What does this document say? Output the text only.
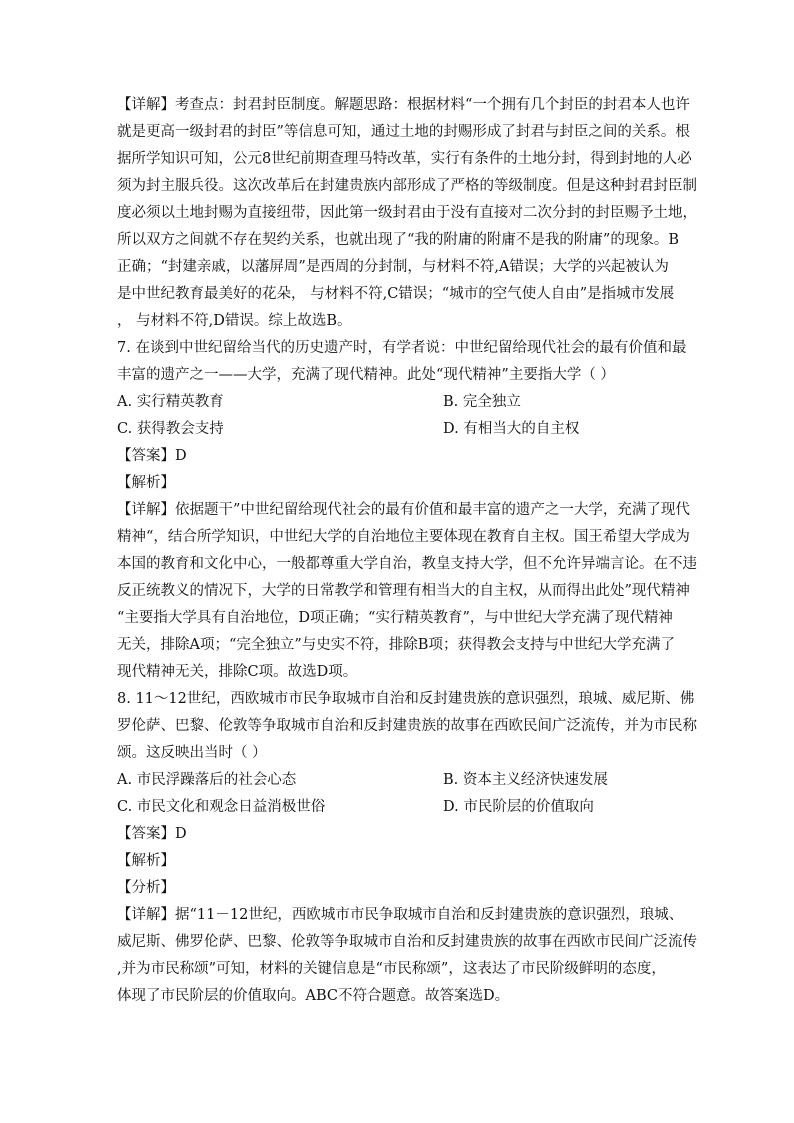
【详解】考查点：封君封臣制度。解题思路：根据材料“一个拥有几个封臣的封君本人也许
就是更高一级封君的封臣”等信息可知，通过土地的封赐形成了封君与封臣之间的关系。根
据所学知识可知，公元8世纪前期查理马特改革，实行有条件的土地分封，得到封地的人必
须为封主服兵役。这次改革后在封建贵族内部形成了严格的等级制度。但是这种封君封臣制
度必须以土地封赐为直接纽带，因此第一级封君由于没有直接对二次分封的封臣赐予土地，
所以双方之间就不存在契约关系，也就出现了“我的附庸的附庸不是我的附庸”的现象。B
正确；“封建亲戚，以藩屏周”是西周的分封制，与材料不符,A错误；大学的兴起被认为
是中世纪教育最美好的花朵， 与材料不符,C错误；“城市的空气使人自由”是指城市发展
， 与材料不符,D错误。综上故选B。
7. 在谈到中世纪留给当代的历史遗产时，有学者说：中世纪留给现代社会的最有价值和最
丰富的遗产之一——大学，充满了现代精神。此处“现代精神”主要指大学（ ）
A. 实行精英教育	B. 完全独立
C. 获得教会支持	D. 有相当大的自主权
【答案】D
【解析】
【详解】依据题干”中世纪留给现代社会的最有价值和最丰富的遗产之一大学，充满了现代
精神“，结合所学知识，中世纪大学的自治地位主要体现在教育自主权。国王希望大学成为
本国的教育和文化中心，一般都尊重大学自治，教皇支持大学，但不允许异端言论。在不违
反正统教义的情况下，大学的日常教学和管理有相当大的自主权，从而得出此处”现代精神
“主要指大学具有自治地位，D项正确；“实行精英教育”，与中世纪大学充满了现代精神
无关，排除A项；“完全独立”与史实不符，排除B项；获得教会支持与中世纪大学充满了
现代精神无关，排除C项。故选D项。
8. 11～12世纪，西欧城市市民争取城市自治和反封建贵族的意识强烈，琅城、威尼斯、佛
罗伦萨、巴黎、伦敦等争取城市自治和反封建贵族的故事在西欧民间广泛流传，并为市民称
颂。这反映出当时（ ）
A. 市民浮躁落后的社会心态	B. 资本主义经济快速发展
C. 市民文化和观念日益消极世俗	D. 市民阶层的价值取向
【答案】D
【解析】
【分析】
【详解】据“11－12世纪，西欧城市市民争取城市自治和反封建贵族的意识强烈，琅城、
威尼斯、佛罗伦萨、巴黎、伦敦等争取城市自治和反封建贵族的故事在西欧市民间广泛流传
,并为市民称颂”可知，材料的关键信息是“市民称颂”，这表达了市民阶级鲜明的态度，
体现了市民阶层的价值取向。ABC不符合题意。故答案选D。
